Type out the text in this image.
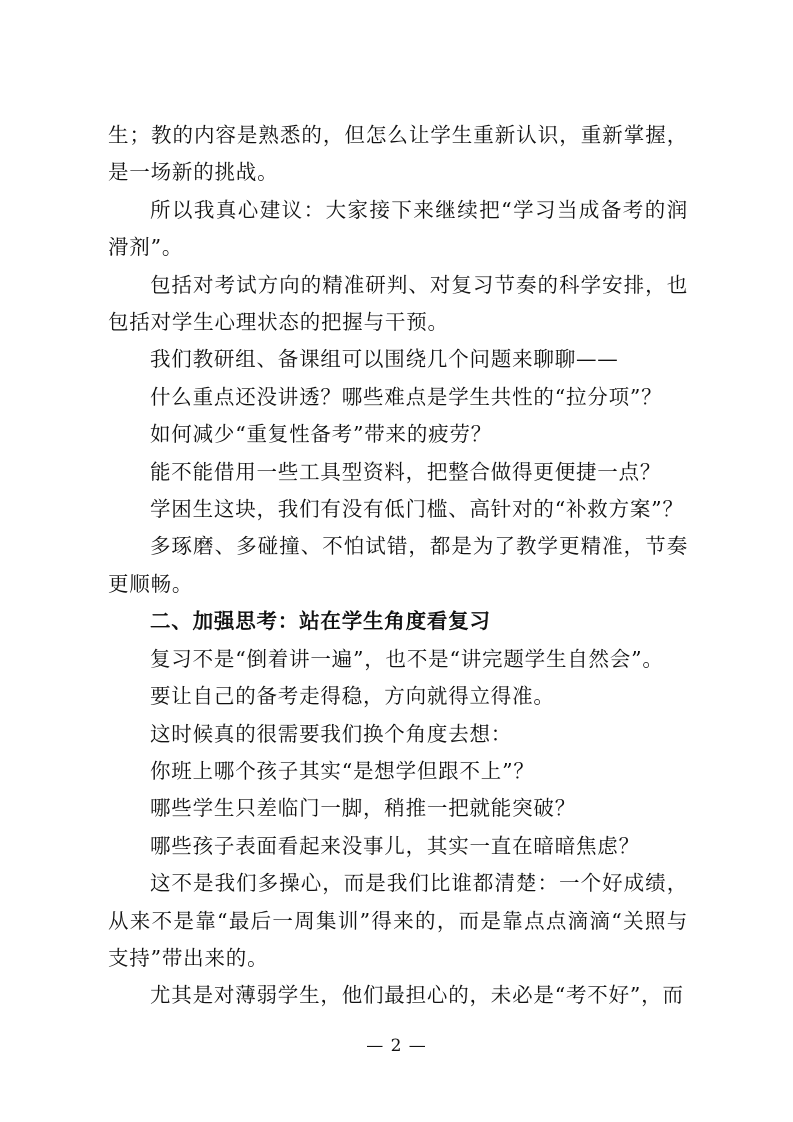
生；教的内容是熟悉的，但怎么让学生重新认识，重新掌握，是一场新的挑战。

所以我真心建议：大家接下来继续把“学习当成备考的润滑剂”。

包括对考试方向的精准研判、对复习节奏的科学安排，也包括对学生心理状态的把握与干预。

我们教研组、备课组可以围绕几个问题来聊聊——

什么重点还没讲透？哪些难点是学生共性的“拉分项”？

如何减少“重复性备考”带来的疲劳？

能不能借用一些工具型资料，把整合做得更便捷一点？

学困生这块，我们有没有低门槛、高针对的“补救方案”？

多琢磨、多碰撞、不怕试错，都是为了教学更精准，节奏更顺畅。

二、加强思考：站在学生角度看复习

复习不是“倒着讲一遍”，也不是“讲完题学生自然会”。

要让自己的备考走得稳，方向就得立得准。

这时候真的很需要我们换个角度去想：

你班上哪个孩子其实“是想学但跟不上”？

哪些学生只差临门一脚，稍推一把就能突破？

哪些孩子表面看起来没事儿，其实一直在暗暗焦虑？

这不是我们多操心，而是我们比谁都清楚：一个好成绩，从来不是靠“最后一周集训”得来的，而是靠点点滴滴“关照与支持”带出来的。

尤其是对薄弱学生，他们最担心的，未必是“考不好”，而

— 2 —
